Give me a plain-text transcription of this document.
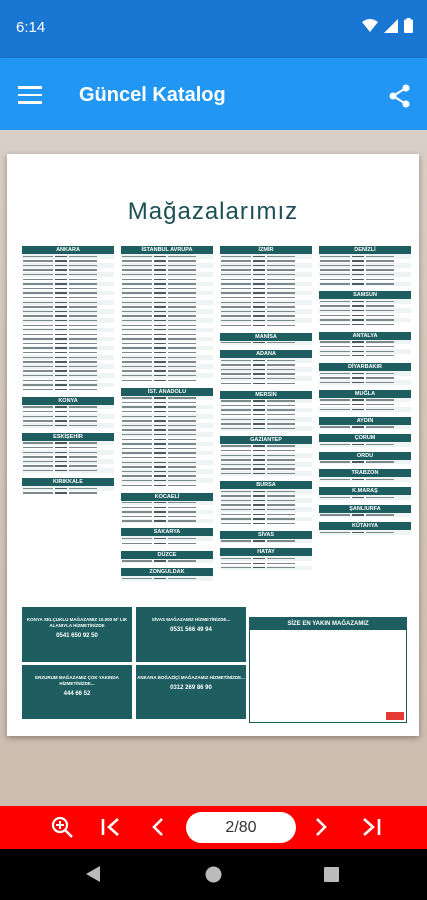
6:14
Güncel Katalog
Mağazalarımız
ANKARA
KONYA
ESKİŞEHİR
KIRIKKALE
İSTANBUL AVRUPA
İST. ANADOLU
KOCAELİ
SAKARYA
DÜZCE
ZONGULDAK
İZMİR
MANİSA
ADANA
MERSİN
GAZİANTEP
BURSA
SİVAS
HATAY
DENİZLİ
SAMSUN
ANTALYA
DİYARBAKIR
MUĞLA
AYDIN
ÇORUM
ORDU
TRABZON
K.MARAŞ
ŞANLIURFA
KÜTAHYA
KONYA SELÇUKLU MAĞAZAMIZ 10.000 M² LIK ALANIYLA HİZMETİNİZDE
0541 650 92 50
SİVAS MAĞAZAMIZ HİZMETİNİZDE...
0531 566 49 94
ERZURUM MAĞAZAMIZ ÇOK YAKINDA HİZMETİNİZDE...
444 66 52
ANKARA BOĞAZİÇİ MAĞAZAMIZ HİZMETİNİZDE...
0312 269 86 90
SİZE EN YAKIN MAĞAZAMIZ
2/80
